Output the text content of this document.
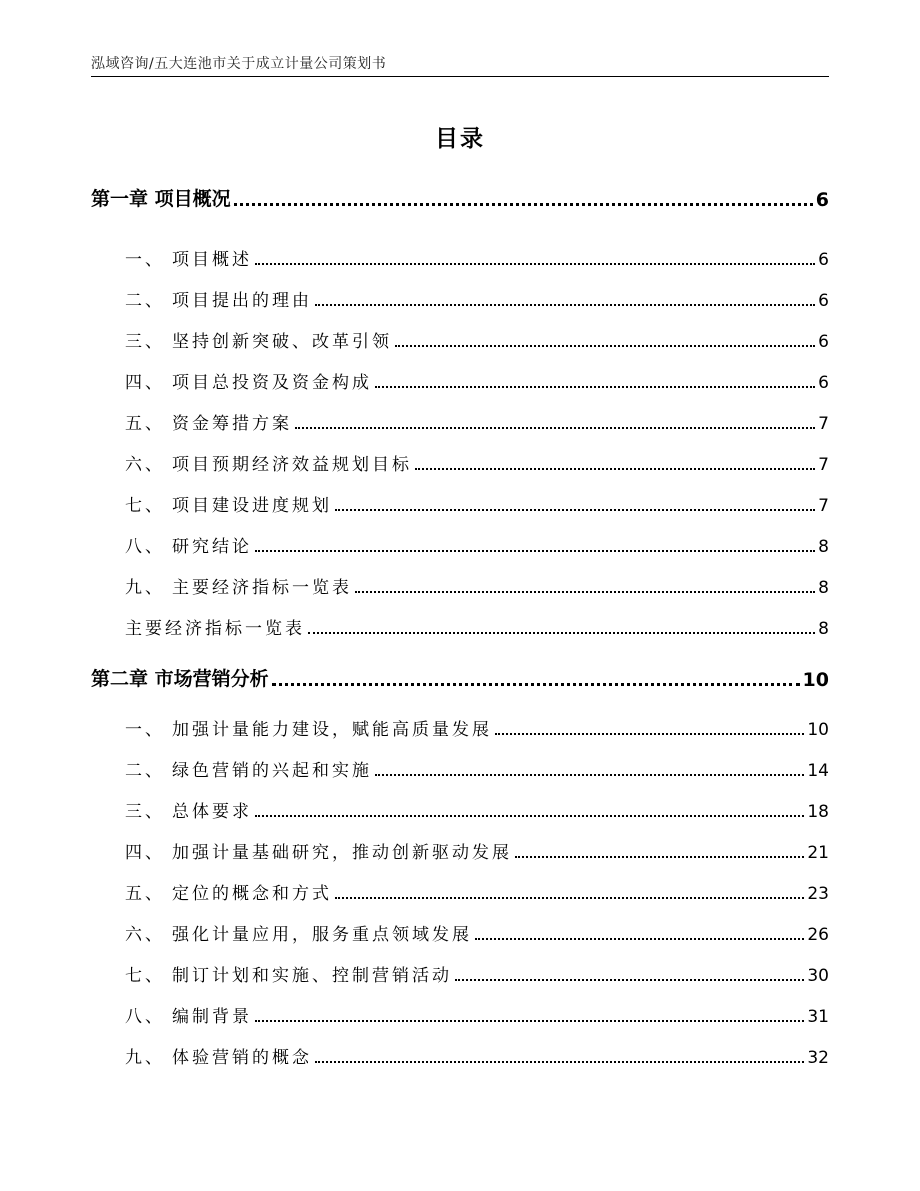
泓域咨询/五大连池市关于成立计量公司策划书
目录
第一章 项目概况	6
一、 项目概述	6
二、 项目提出的理由	6
三、 坚持创新突破、改革引领	6
四、 项目总投资及资金构成	6
五、 资金筹措方案	7
六、 项目预期经济效益规划目标	7
七、 项目建设进度规划	7
八、 研究结论	8
九、 主要经济指标一览表	8
主要经济指标一览表	8
第二章 市场营销分析	10
一、 加强计量能力建设，赋能高质量发展	10
二、 绿色营销的兴起和实施	14
三、 总体要求	18
四、 加强计量基础研究，推动创新驱动发展	21
五、 定位的概念和方式	23
六、 强化计量应用，服务重点领域发展	26
七、 制订计划和实施、控制营销活动	30
八、 编制背景	31
九、 体验营销的概念	32
